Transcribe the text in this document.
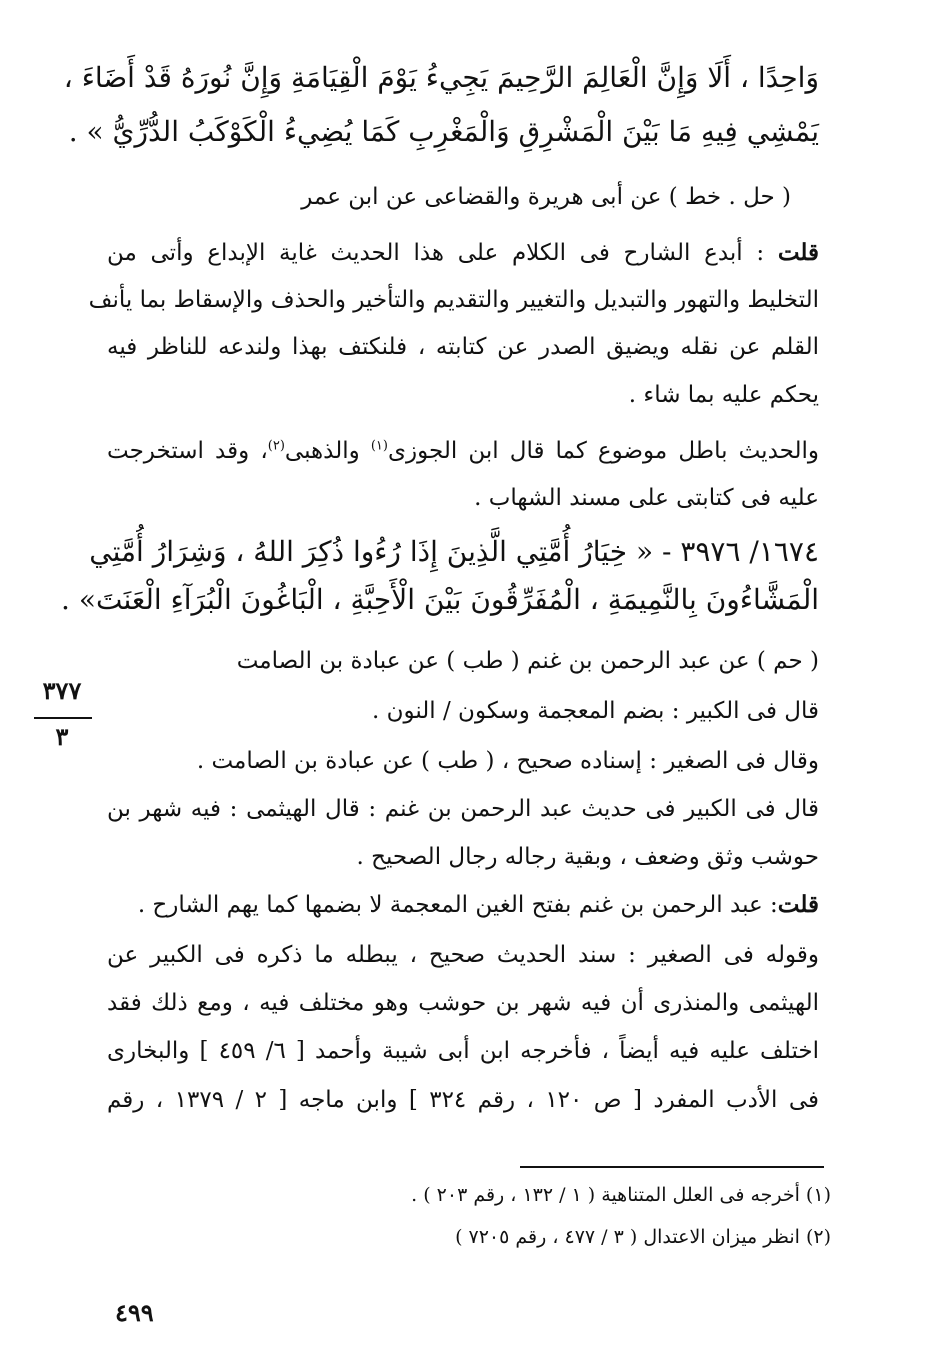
وَاحِدًا ، أَلَا وَإِنَّ الْعَالِمَ الرَّحِيمَ يَجِيءُ يَوْمَ الْقِيَامَةِ وَإِنَّ نُورَهُ قَدْ أَضَاءَ ،
يَمْشِي فِيهِ مَا بَيْنَ الْمَشْرِقِ وَالْمَغْرِبِ كَمَا يُضِيءُ الْكَوْكَبُ الدُّرِّيُّ » .
( حل . خط ) عن أبى هريرة والقضاعى عن ابن عمر
قلت : أبدع الشارح فى الكلام على هذا الحديث غاية الإبداع وأتى من
التخليط والتهور والتبديل والتغيير والتقديم والتأخير والحذف والإسقاط بما يأنف
القلم عن نقله ويضيق الصدر عن كتابته ، فلنكتف بهذا ولندعه للناظر فيه
يحكم عليه بما شاء .
والحديث باطل موضوع كما قال ابن الجوزى$^{(١)}$ والذهبى$^{(٢)}$، وقد استخرجت
عليه فى كتابتى على مسند الشهاب .
١٦٧٤/ ٣٩٧٦ - « خِيَارُ أُمَّتِي الَّذِينَ إِذَا رُءُوا ذُكِرَ اللهُ ، وَشِرَارُ أُمَّتِي
الْمَشَّاءُونَ بِالنَّمِيمَةِ ، الْمُفَرِّقُونَ بَيْنَ الْأَحِبَّةِ ، الْبَاغُونَ الْبُرَآءِ الْعَنَتَ» .
( حم ) عن عبد الرحمن بن غنم ( طب ) عن عبادة بن الصامت
٣٧٧
٣
قال فى الكبير : بضم المعجمة وسكون / النون .
وقال فى الصغير : إسناده صحيح ، ( طب ) عن عبادة بن الصامت .
قال فى الكبير فى حديث عبد الرحمن بن غنم : قال الهيثمى : فيه شهر بن
حوشب وثق وضعف ، وبقية رجاله رجال الصحيح .
قلت: عبد الرحمن بن غنم بفتح الغين المعجمة لا بضمها كما يهم الشارح .
وقوله فى الصغير : سند الحديث صحيح ، يبطله ما ذكره فى الكبير عن
الهيثمى والمنذرى أن فيه شهر بن حوشب وهو مختلف فيه ، ومع ذلك فقد
اختلف عليه فيه أيضاً ، فأخرجه ابن أبى شيبة وأحمد [ ٦/ ٤٥٩ ] والبخارى
فى الأدب المفرد [ ص ١٢٠ ، رقم ٣٢٤ ] وابن ماجه [ ٢ / ١٣٧٩ ، رقم
(١) أخرجه فى العلل المتناهية ( ١ / ١٣٢ ، رقم ٢٠٣ ) .
(٢) انظر ميزان الاعتدال ( ٣ / ٤٧٧ ، رقم ٧٢٠٥ )
٤٩٩
